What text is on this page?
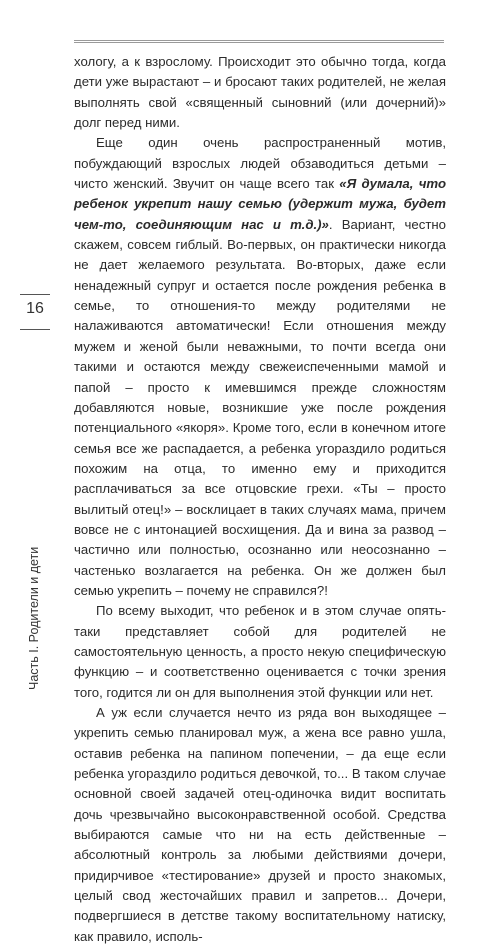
16
Часть I. Родители и дети

хологу, а к взрослому. Происходит это обычно тогда, когда дети уже вырастают – и бросают таких родителей, не желая выполнять свой «священный сыновний (или дочерний)» долг перед ними.

Еще один очень распространенный мотив, побуждающий взрослых людей обзаводиться детьми – чисто женский. Звучит он чаще всего так «Я думала, что ребенок укрепит нашу семью (удержит мужа, будет чем-то, соединяющим нас и т.д.)». Вариант, честно скажем, совсем гиблый. Во-первых, он практически никогда не дает желаемого результата. Во-вторых, даже если ненадежный супруг и остается после рождения ребенка в семье, то отношения-то между родителями не налаживаются автоматически! Если отношения между мужем и женой были неважными, то почти всегда они такими и остаются между свежеиспеченными мамой и папой – просто к имевшимся прежде сложностям добавляются новые, возникшие уже после рождения потенциального «якоря». Кроме того, если в конечном итоге семья все же распадается, а ребенка угораздило родиться похожим на отца, то именно ему и приходится расплачиваться за все отцовские грехи. «Ты – просто вылитый отец!» – восклицает в таких случаях мама, причем вовсе не с интонацией восхищения. Да и вина за развод – частично или полностью, осознанно или неосознанно – частенько возлагается на ребенка. Он же должен был семью укрепить – почему не справился?!

По всему выходит, что ребенок и в этом случае опять-таки представляет собой для родителей не самостоятельную ценность, а просто некую специфическую функцию – и соответственно оценивается с точки зрения того, годится ли он для выполнения этой функции или нет.

А уж если случается нечто из ряда вон выходящее – укрепить семью планировал муж, а жена все равно ушла, оставив ребенка на папином попечении, – да еще если ребенка угораздило родиться девочкой, то... В таком случае основной своей задачей отец-одиночка видит воспитать дочь чрезвычайно высоконравственной особой. Средства выбираются самые что ни на есть действенные – абсолютный контроль за любыми действиями дочери, придирчивое «тестирование» друзей и просто знакомых, целый свод жесточайших правил и запретов... Дочери, подвергшиеся в детстве такому воспитательному натиску, как правило, исполь-
